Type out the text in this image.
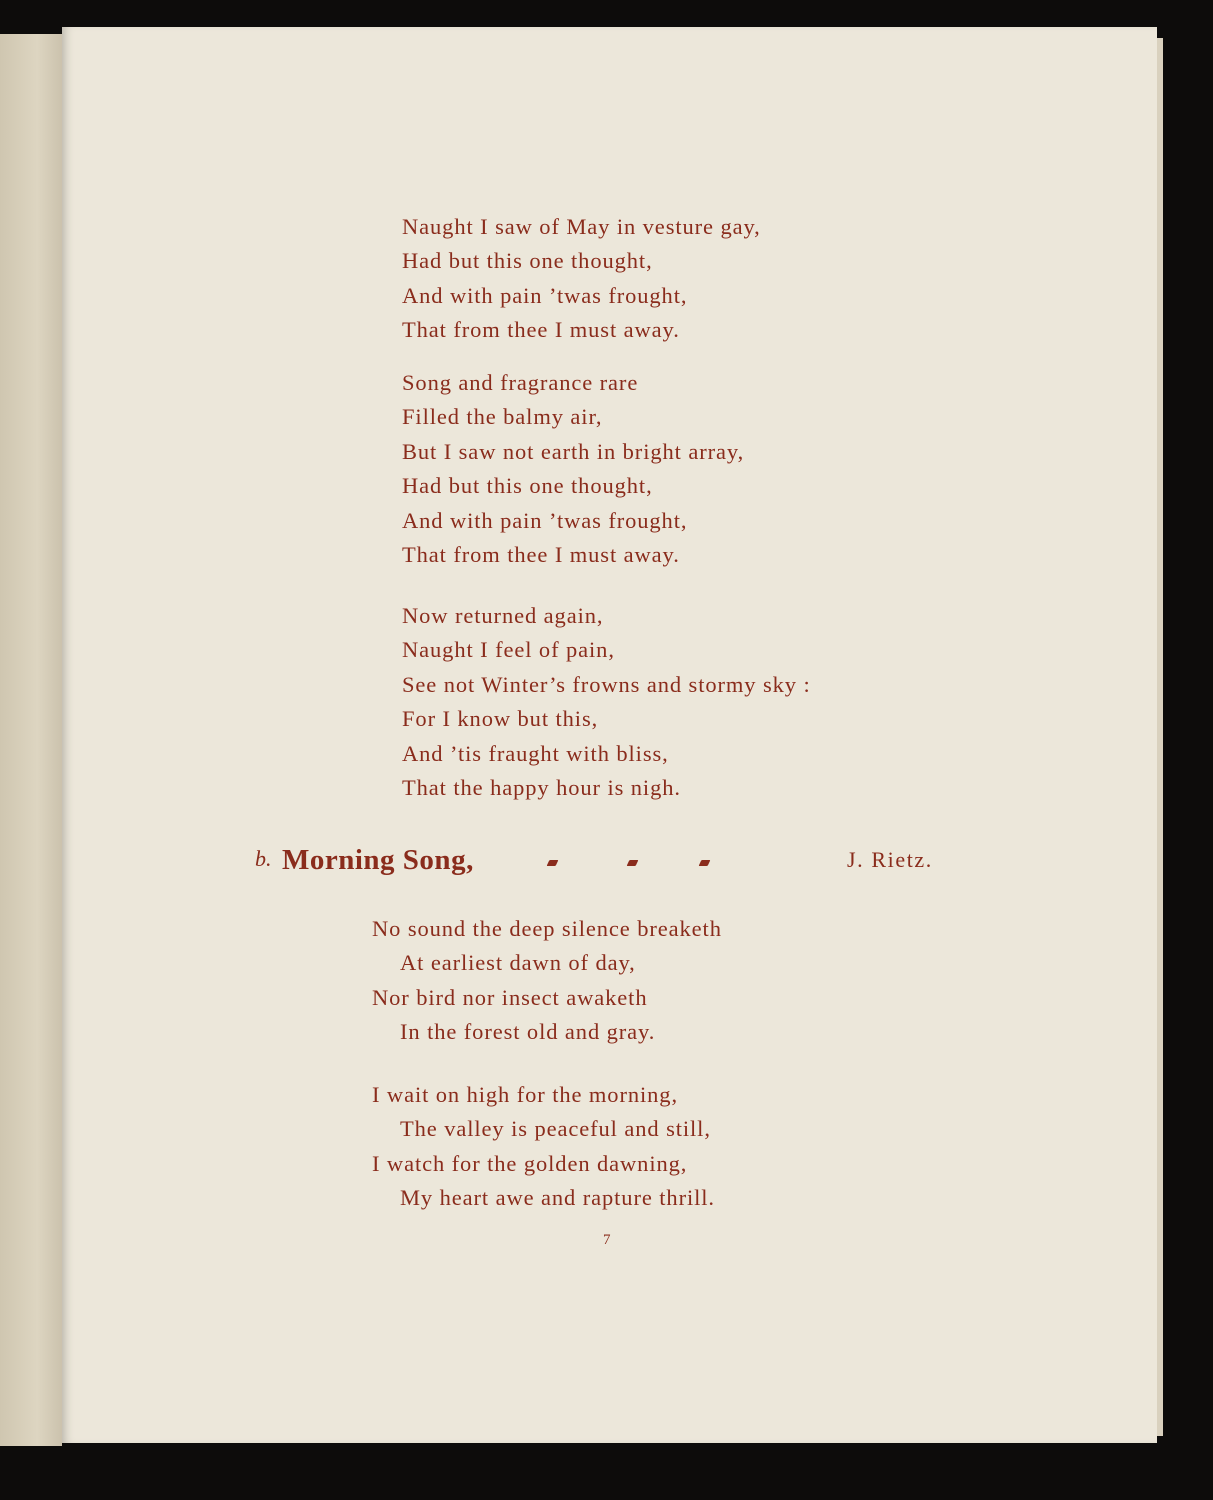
Naught I saw of May in vesture gay,
Had but this one thought,
And with pain ’twas frought,
That from thee I must away.
Song and fragrance rare
Filled the balmy air,
But I saw not earth in bright array,
Had but this one thought,
And with pain ’twas frought,
That from thee I must away.
Now returned again,
Naught I feel of pain,
See not Winter’s frowns and stormy sky :
For I know but this,
And ’tis fraught with bliss,
That the happy hour is nigh.
b. Morning Song,	J. Rietz.
No sound the deep silence breaketh
At earliest dawn of day,
Nor bird nor insect awaketh
In the forest old and gray.
I wait on high for the morning,
The valley is peaceful and still,
I watch for the golden dawning,
My heart awe and rapture thrill.
7
